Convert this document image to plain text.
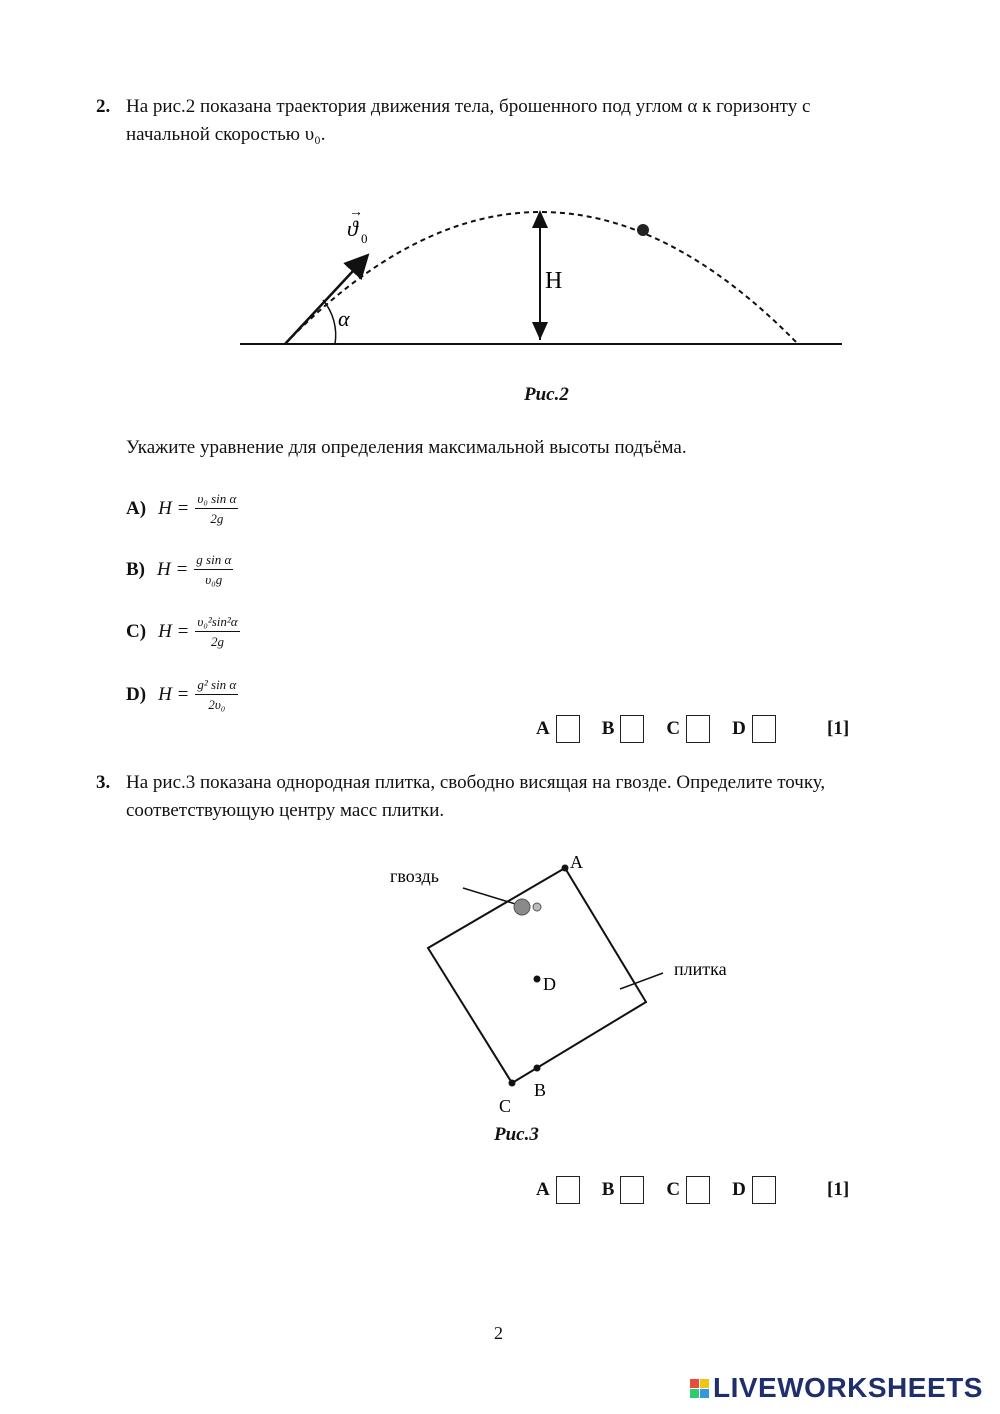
2. На рис.2 показана траектория движения тела, брошенного под углом α к горизонту с
начальной скоростью υ₀.
ϑ 0
→
α
H
Рис.2
Укажите уравнение для определения максимальной высоты подъёма.
A) $H = \frac{\text{υ₀ sin α}}{2g}$
B) $H = \frac{\text{g sin α}}{\text{υ₀g}}$
C) $H = \frac{\text{υ₀²sin²α}}{2g}$
D) $H = \frac{\text{g² sin α}}{\text{2υ₀}}$
A	B	C	D	[1]
3. На рис.3 показана однородная плитка, свободно висящая на гвозде. Определите точку,
соответствующую центру масс плитки.
A
D
B
C
гвоздь
плитка
Рис.3
A	B	C	D	[1]
2
LIVEWORKSHEETS
